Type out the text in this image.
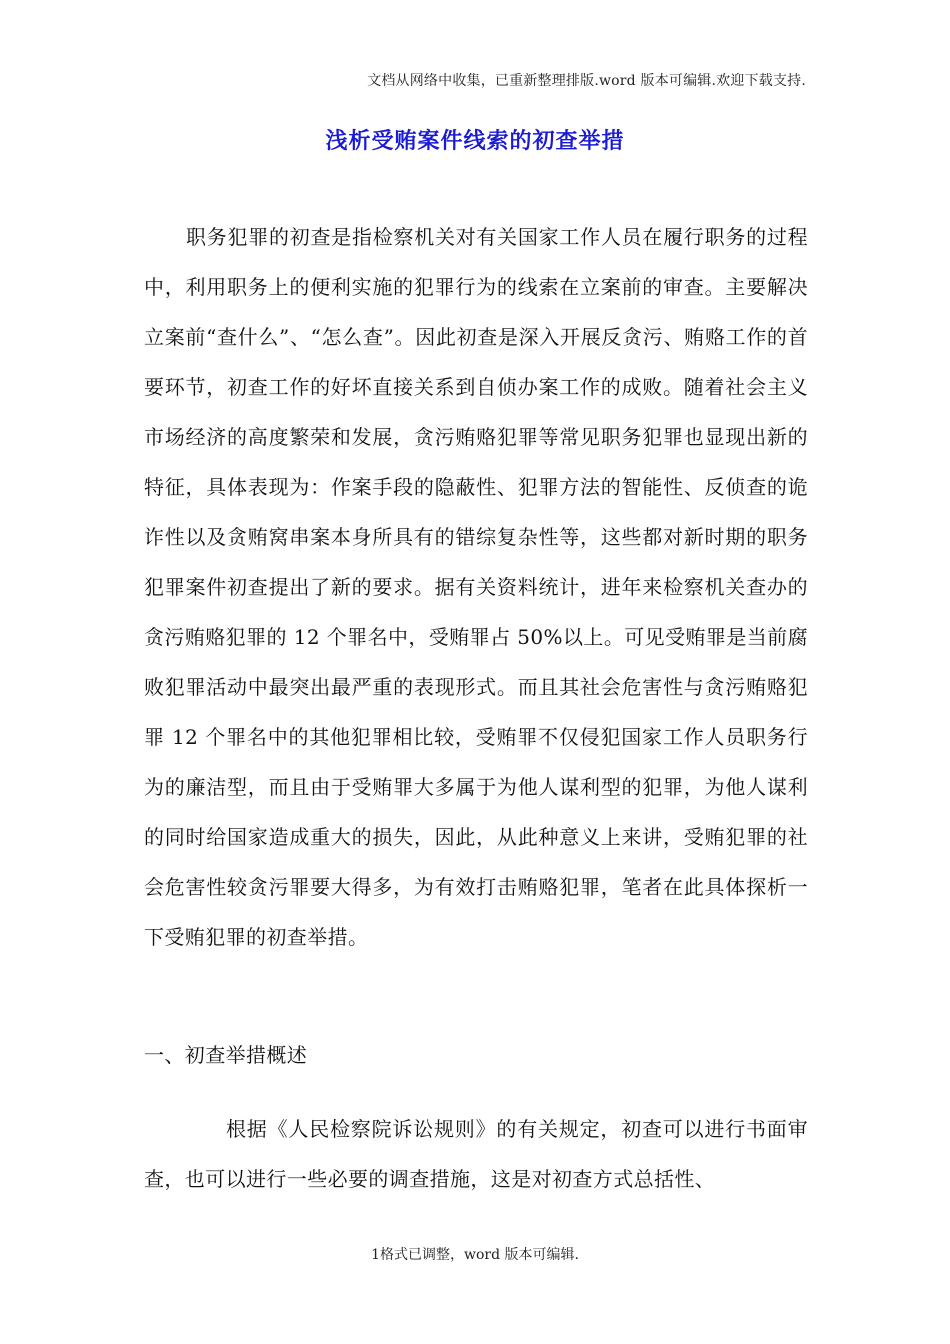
文档从网络中收集，已重新整理排版.word 版本可编辑.欢迎下载支持.
浅析受贿案件线索的初查举措
职务犯罪的初查是指检察机关对有关国家工作人员在履行职务的过程中，利用职务上的便利实施的犯罪行为的线索在立案前的审查。主要解决立案前“查什么”、“怎么查”。因此初查是深入开展反贪污、贿赂工作的首要环节，初查工作的好坏直接关系到自侦办案工作的成败。随着社会主义市场经济的高度繁荣和发展，贪污贿赂犯罪等常见职务犯罪也显现出新的特征，具体表现为：作案手段的隐蔽性、犯罪方法的智能性、反侦查的诡诈性以及贪贿窝串案本身所具有的错综复杂性等，这些都对新时期的职务犯罪案件初查提出了新的要求。据有关资料统计，进年来检察机关查办的贪污贿赂犯罪的 12 个罪名中，受贿罪占 50%以上。可见受贿罪是当前腐败犯罪活动中最突出最严重的表现形式。而且其社会危害性与贪污贿赂犯罪 12 个罪名中的其他犯罪相比较，受贿罪不仅侵犯国家工作人员职务行为的廉洁型，而且由于受贿罪大多属于为他人谋利型的犯罪，为他人谋利的同时给国家造成重大的损失，因此，从此种意义上来讲，受贿犯罪的社会危害性较贪污罪要大得多，为有效打击贿赂犯罪，笔者在此具体探析一下受贿犯罪的初查举措。
一、初查举措概述
根据《人民检察院诉讼规则》的有关规定，初查可以进行书面审查，也可以进行一些必要的调查措施，这是对初查方式总括性、
1格式已调整，word 版本可编辑.
